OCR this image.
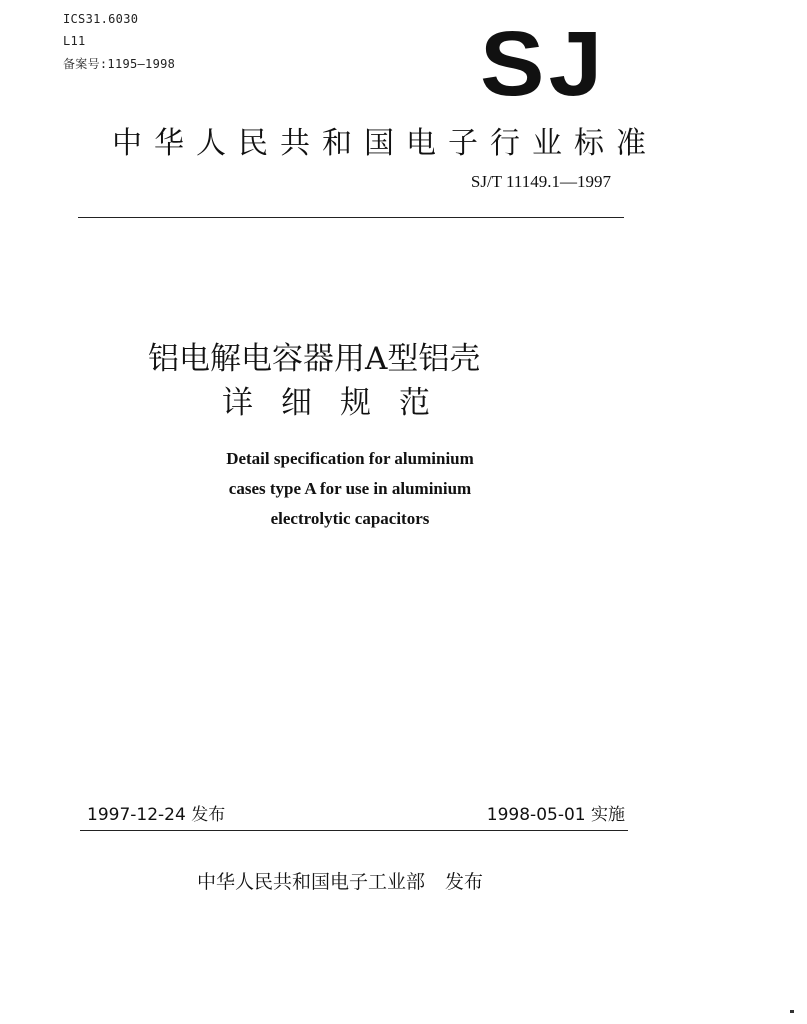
ICS31.6030
L11
备案号:1195—1998	SJ
中华人民共和国电子行业标准
SJ/T 11149.1—1997
铝电解电容器用A型铝壳
详细规范
Detail specification for aluminium
cases type A for use in aluminium
electrolytic capacitors
1997-12-24 发布	1998-05-01 实施
中华人民共和国电子工业部 发布
